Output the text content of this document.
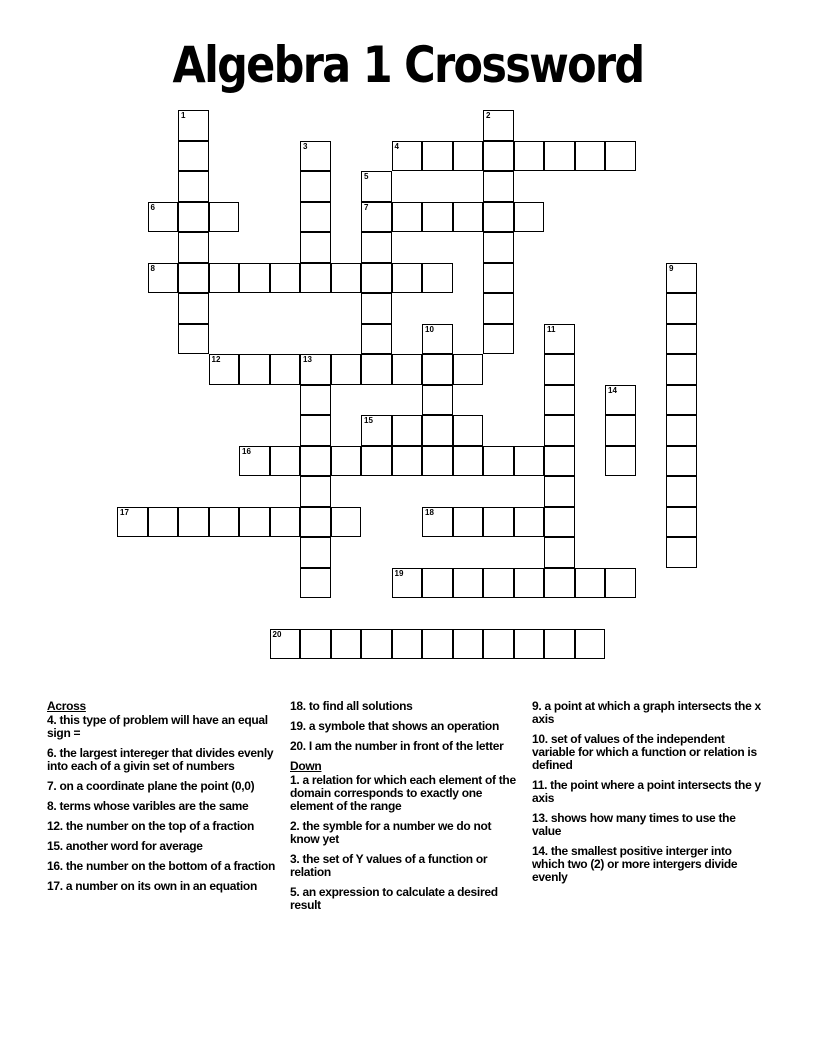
Algebra 1 Crossword
1	2
3	4
5
7
6
8	9
10	11
12	13
14
15
16
17	18
19
20
Across
4. this type of problem will have an equal sign =
6. the largest intereger that divides evenly into each of a givin set of numbers
7. on a coordinate plane the point (0,0)
8. terms whose varibles are the same
12. the number on the top of a fraction
15. another word for average
16. the number on the bottom of a fraction
17. a number on its own in an equation
18. to find all solutions
19. a symbole that shows an operation
20. I am the number in front of the letter
Down
1. a relation for which each element of the domain corresponds to exactly one element of the range
2. the symble for a number we do not know yet
3. the set of Y values of a function or relation
5. an expression to calculate a desired result
9. a point at which a graph intersects the x axis
10. set of values of the independent variable for which a function or relation is defined
11. the point where a point intersects the y axis
13. shows how many times to use the value
14. the smallest positive interger into which two (2) or more intergers divide evenly
